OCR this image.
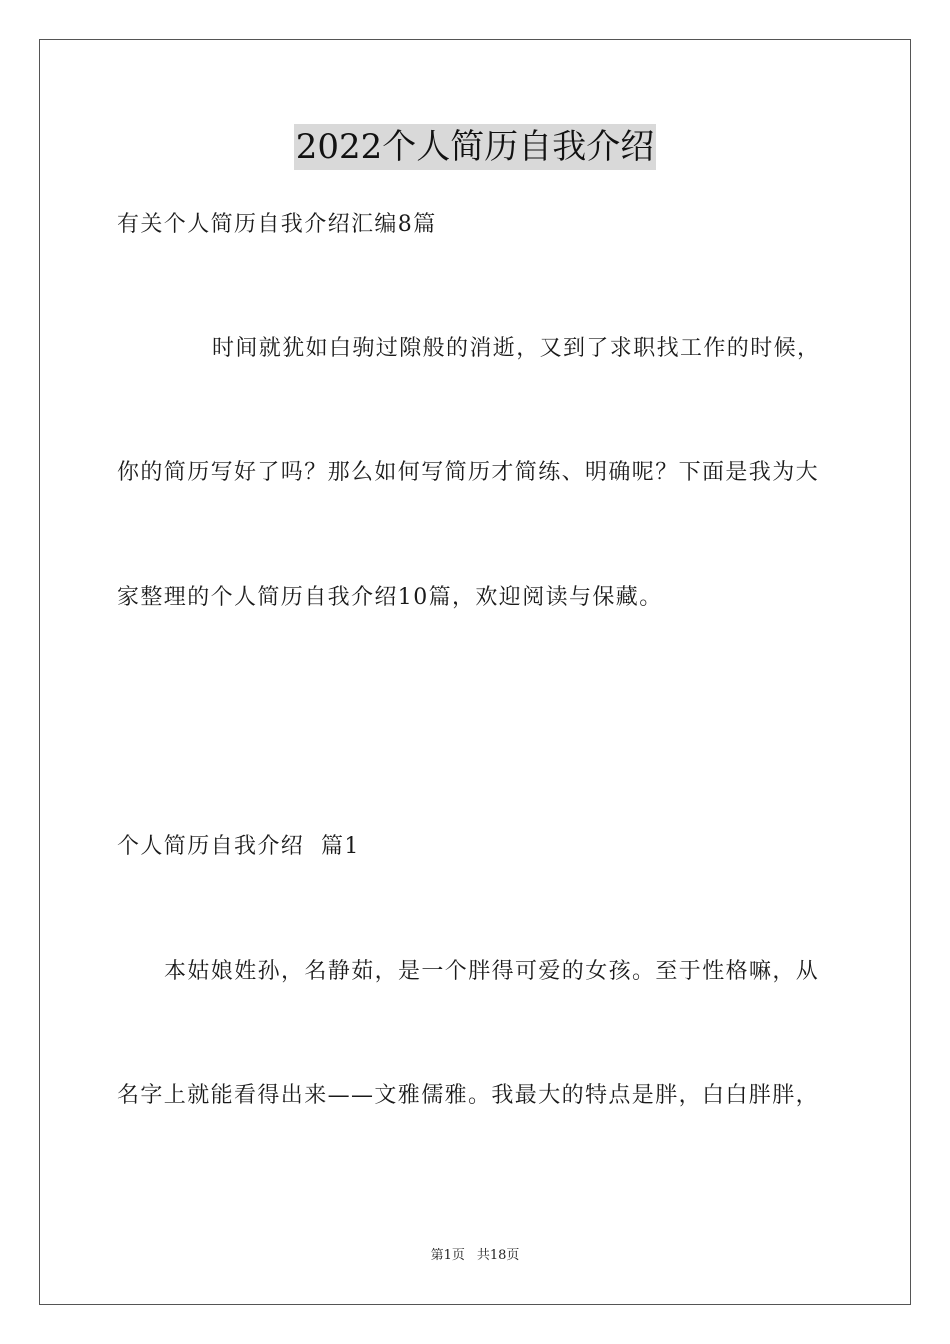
2022个人简历自我介绍
有关个人简历自我介绍汇编8篇
时间就犹如白驹过隙般的消逝，又到了求职找工作的时候，
你的简历写好了吗？那么如何写简历才简练、明确呢？下面是我为大
家整理的个人简历自我介绍10篇，欢迎阅读与保藏。
个人简历自我介绍  篇1
本姑娘姓孙，名静茹，是一个胖得可爱的女孩。至于性格嘛，从
名字上就能看得出来——文雅儒雅。我最大的特点是胖，白白胖胖，
第1页 共18页
